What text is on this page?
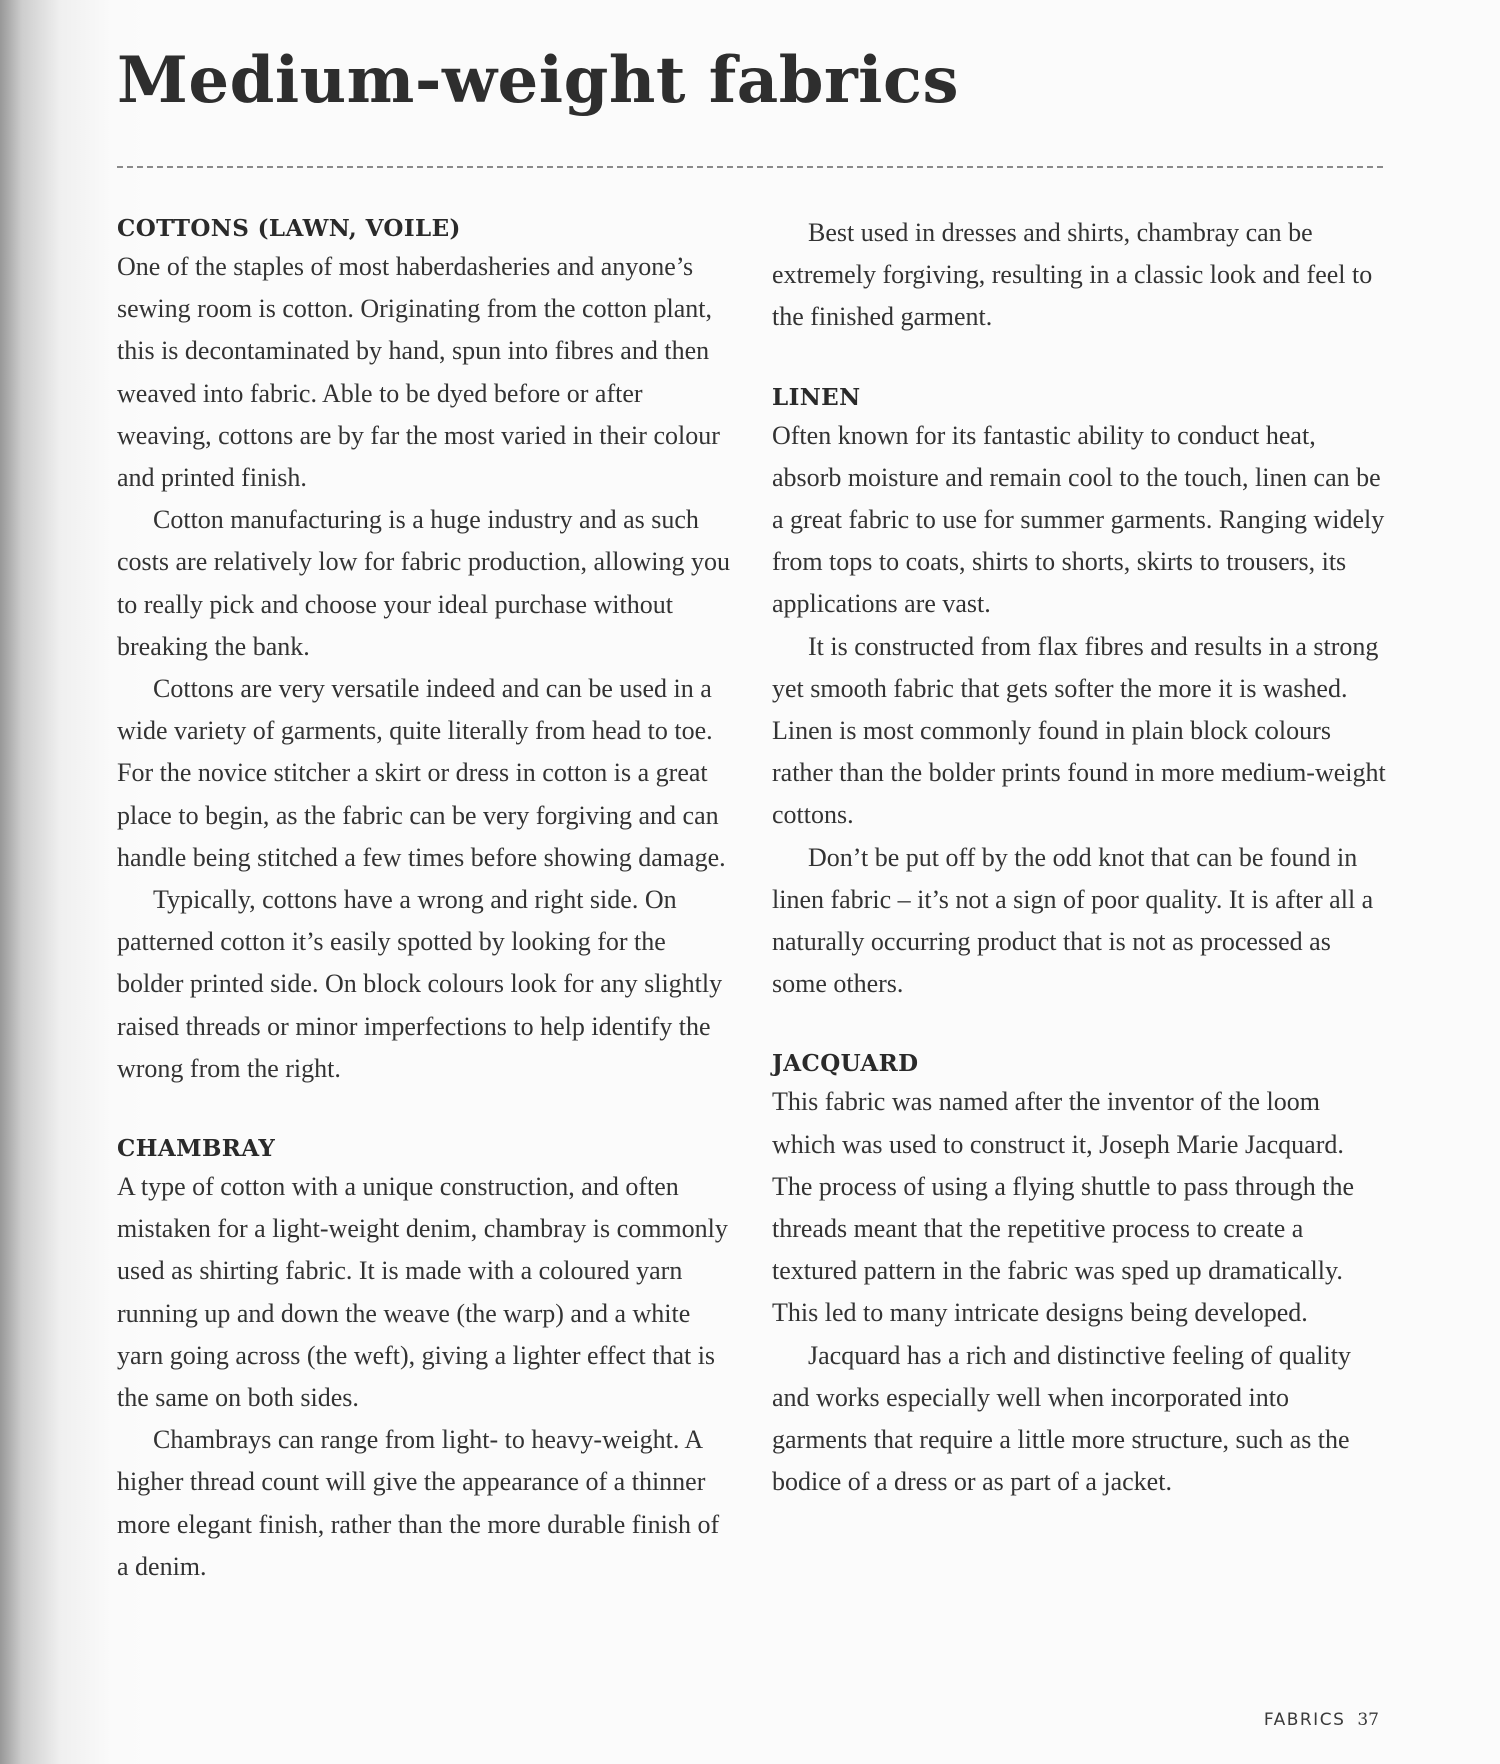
Medium-weight fabrics
COTTONS (LAWN, VOILE)

One of the staples of most haberdasheries and anyone’s sewing room is cotton. Originating from the cotton plant, this is decontaminated by hand, spun into fibres and then weaved into fabric. Able to be dyed before or after weaving, cottons are by far the most varied in their colour and printed finish.

Cotton manufacturing is a huge industry and as such costs are relatively low for fabric production, allowing you to really pick and choose your ideal purchase without breaking the bank.

Cottons are very versatile indeed and can be used in a wide variety of garments, quite literally from head to toe. For the novice stitcher a skirt or dress in cotton is a great place to begin, as the fabric can be very forgiving and can handle being stitched a few times before showing damage.

Typically, cottons have a wrong and right side. On patterned cotton it’s easily spotted by looking for the bolder printed side. On block colours look for any slightly raised threads or minor imperfections to help identify the wrong from the right.

CHAMBRAY

A type of cotton with a unique construction, and often mistaken for a light-weight denim, chambray is commonly used as shirting fabric. It is made with a coloured yarn running up and down the weave (the warp) and a white yarn going across (the weft), giving a lighter effect that is the same on both sides.

Chambrays can range from light- to heavy-weight. A higher thread count will give the appearance of a thinner more elegant finish, rather than the more durable finish of a denim.

Best used in dresses and shirts, chambray can be extremely forgiving, resulting in a classic look and feel to the finished garment.

LINEN

Often known for its fantastic ability to conduct heat, absorb moisture and remain cool to the touch, linen can be a great fabric to use for summer garments. Ranging widely from tops to coats, shirts to shorts, skirts to trousers, its applications are vast.

It is constructed from flax fibres and results in a strong yet smooth fabric that gets softer the more it is washed. Linen is most commonly found in plain block colours rather than the bolder prints found in more medium-weight cottons.

Don’t be put off by the odd knot that can be found in linen fabric – it’s not a sign of poor quality. It is after all a naturally occurring product that is not as processed as some others.

JACQUARD

This fabric was named after the inventor of the loom which was used to construct it, Joseph Marie Jacquard. The process of using a flying shuttle to pass through the threads meant that the repetitive process to create a textured pattern in the fabric was sped up dramatically. This led to many intricate designs being developed.

Jacquard has a rich and distinctive feeling of quality and works especially well when incorporated into garments that require a little more structure, such as the bodice of a dress or as part of a jacket.

FABRICS 37
